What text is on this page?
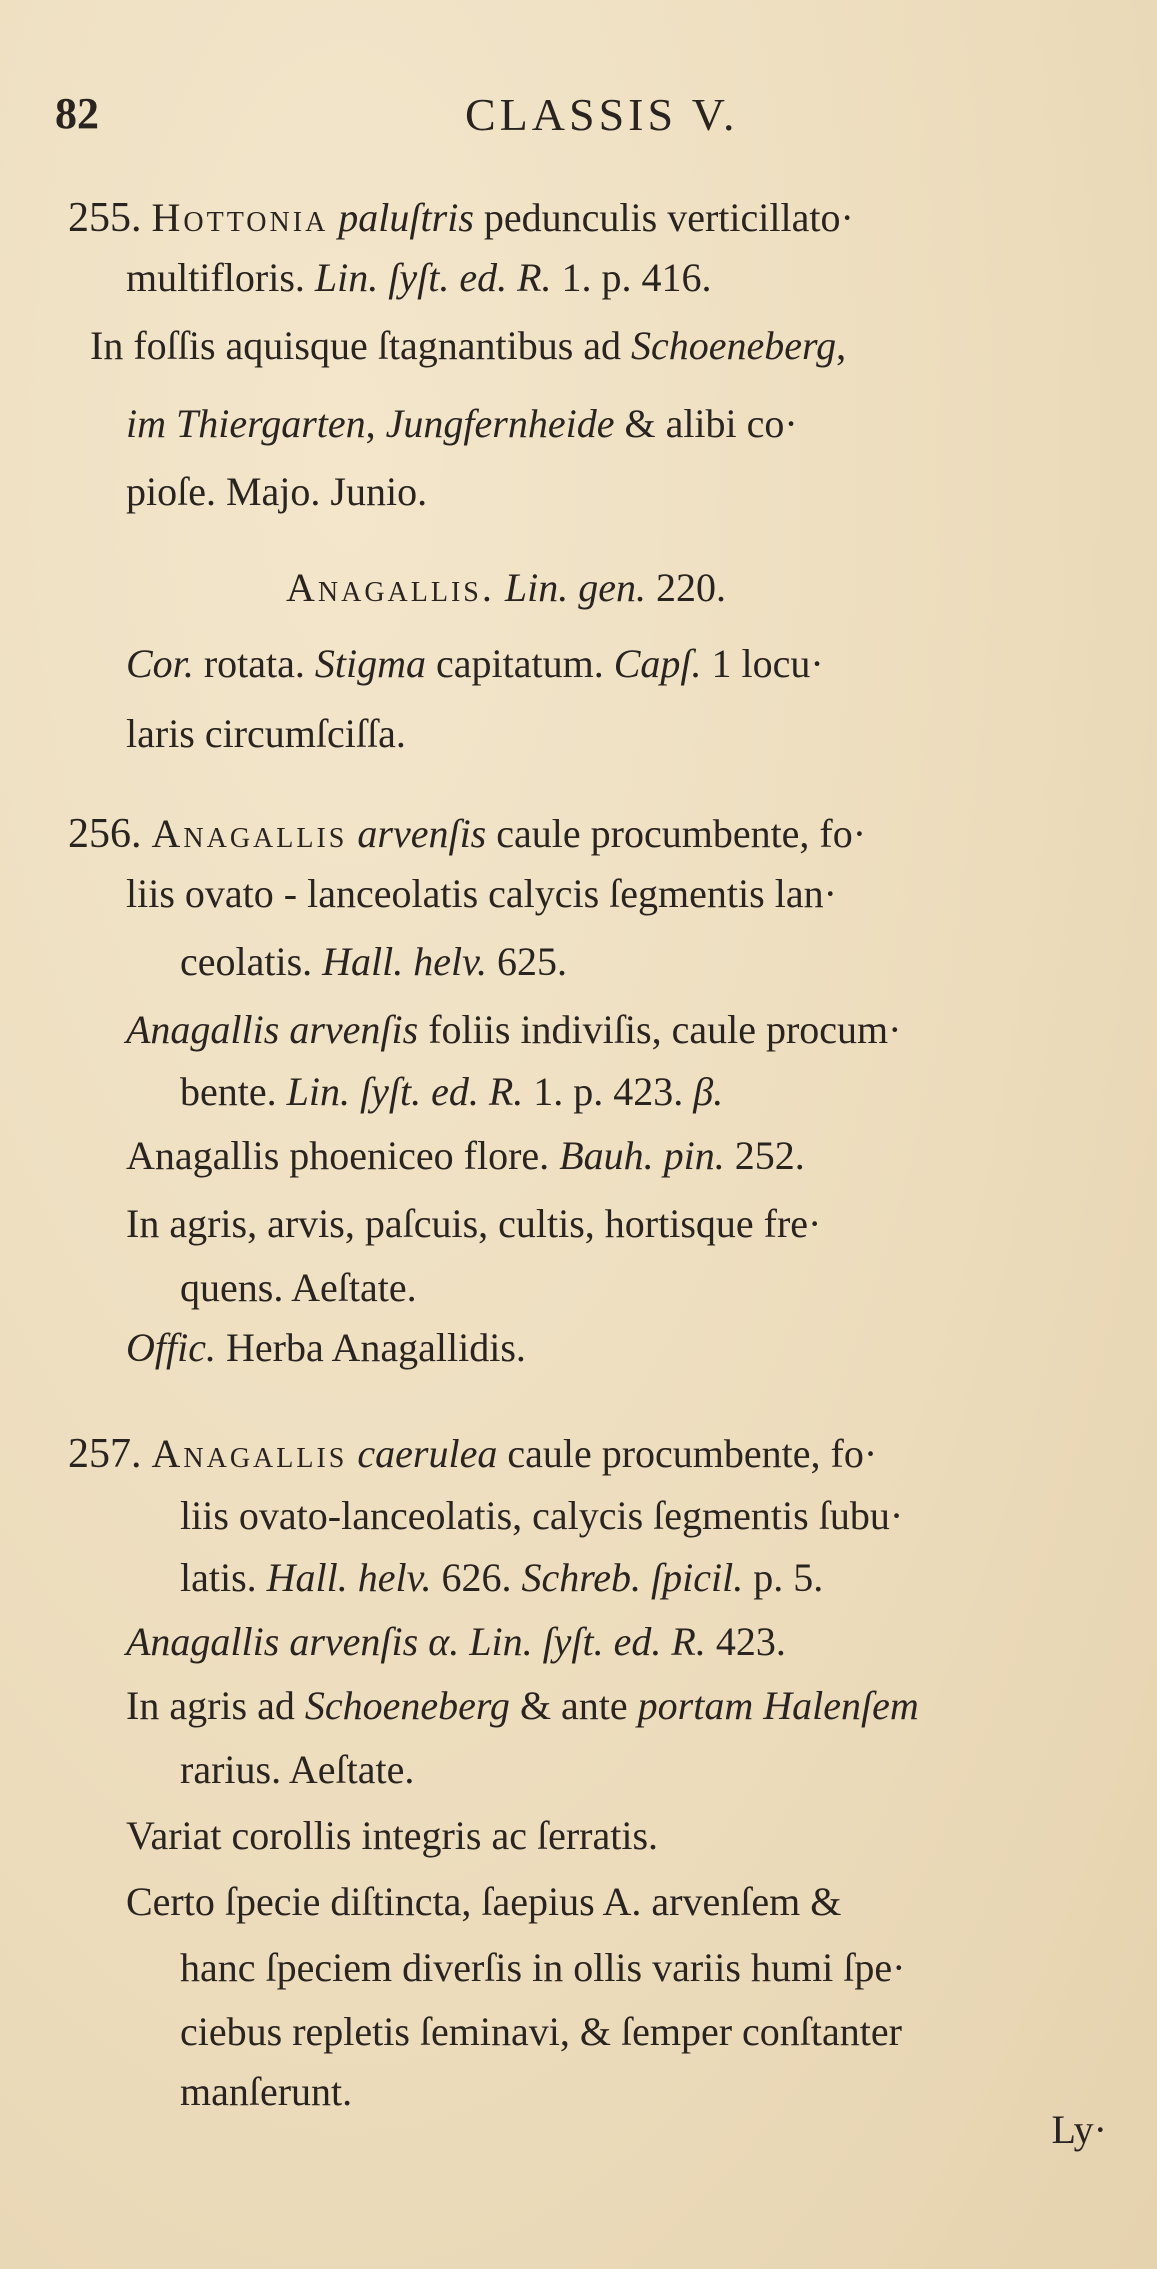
82	CLASSIS V.
255. Hottonia paluſtris pedunculis verticillato·
multifloris. Lin. ſyſt. ed. R. 1. p. 416.
In foſſis aquisque ſtagnantibus ad Schoeneberg,
im Thiergarten, Jungfernheide & alibi co·
pioſe. Majo. Junio.
Anagallis. Lin. gen. 220.
Cor. rotata. Stigma capitatum. Capſ. 1 locu·
laris circumſciſſa.
256. Anagallis arvenſis caule procumbente, fo·
liis ovato - lanceolatis calycis ſegmentis lan·
ceolatis. Hall. helv. 625.
Anagallis arvenſis foliis indiviſis, caule procum·
bente. Lin. ſyſt. ed. R. 1. p. 423. β.
Anagallis phoeniceo flore. Bauh. pin. 252.
In agris, arvis, paſcuis, cultis, hortisque fre·
quens. Aeſtate.
Offic. Herba Anagallidis.
257. Anagallis caerulea caule procumbente, fo·
liis ovato-lanceolatis, calycis ſegmentis ſubu·
latis. Hall. helv. 626. Schreb. ſpicil. p. 5.
Anagallis arvenſis α. Lin. ſyſt. ed. R. 423.
In agris ad Schoeneberg & ante portam Halenſem
rarius. Aeſtate.
Variat corollis integris ac ſerratis.
Certo ſpecie diſtincta, ſaepius A. arvenſem &
hanc ſpeciem diverſis in ollis variis humi ſpe·
ciebus repletis ſeminavi, & ſemper conſtanter
manſerunt.
Ly·
